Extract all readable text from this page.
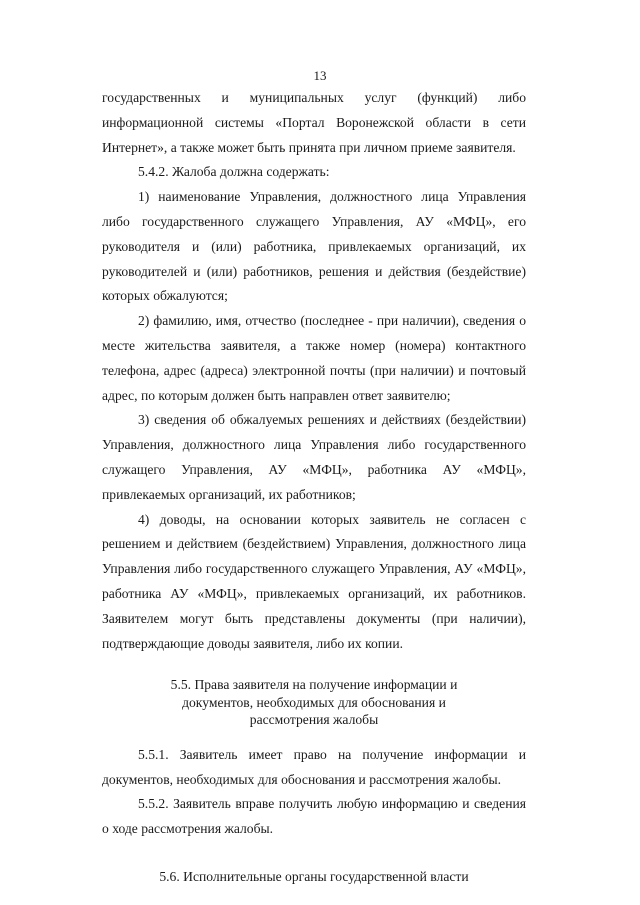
13

государственных и муниципальных услуг (функций) либо информационной системы «Портал Воронежской области в сети Интернет», а также может быть принята при личном приеме заявителя.

5.4.2. Жалоба должна содержать:

1) наименование Управления, должностного лица Управления либо государственного служащего Управления, АУ «МФЦ», его руководителя и (или) работника, привлекаемых организаций, их руководителей и (или) работников, решения и действия (бездействие) которых обжалуются;

2) фамилию, имя, отчество (последнее - при наличии), сведения о месте жительства заявителя, а также номер (номера) контактного телефона, адрес (адреса) электронной почты (при наличии) и почтовый адрес, по которым должен быть направлен ответ заявителю;

3) сведения об обжалуемых решениях и действиях (бездействии) Управления, должностного лица Управления либо государственного служащего Управления, АУ «МФЦ», работника АУ «МФЦ», привлекаемых организаций, их работников;

4) доводы, на основании которых заявитель не согласен с решением и действием (бездействием) Управления, должностного лица Управления либо государственного служащего Управления, АУ «МФЦ», работника АУ «МФЦ», привлекаемых организаций, их работников. Заявителем могут быть представлены документы (при наличии), подтверждающие доводы заявителя, либо их копии.

5.5. Права заявителя на получение информации и

документов, необходимых для обоснования и

рассмотрения жалобы

5.5.1. Заявитель имеет право на получение информации и документов, необходимых для обоснования и рассмотрения жалобы.

5.5.2. Заявитель вправе получить любую информацию и сведения о ходе рассмотрения жалобы.

5.6. Исполнительные органы государственной власти
